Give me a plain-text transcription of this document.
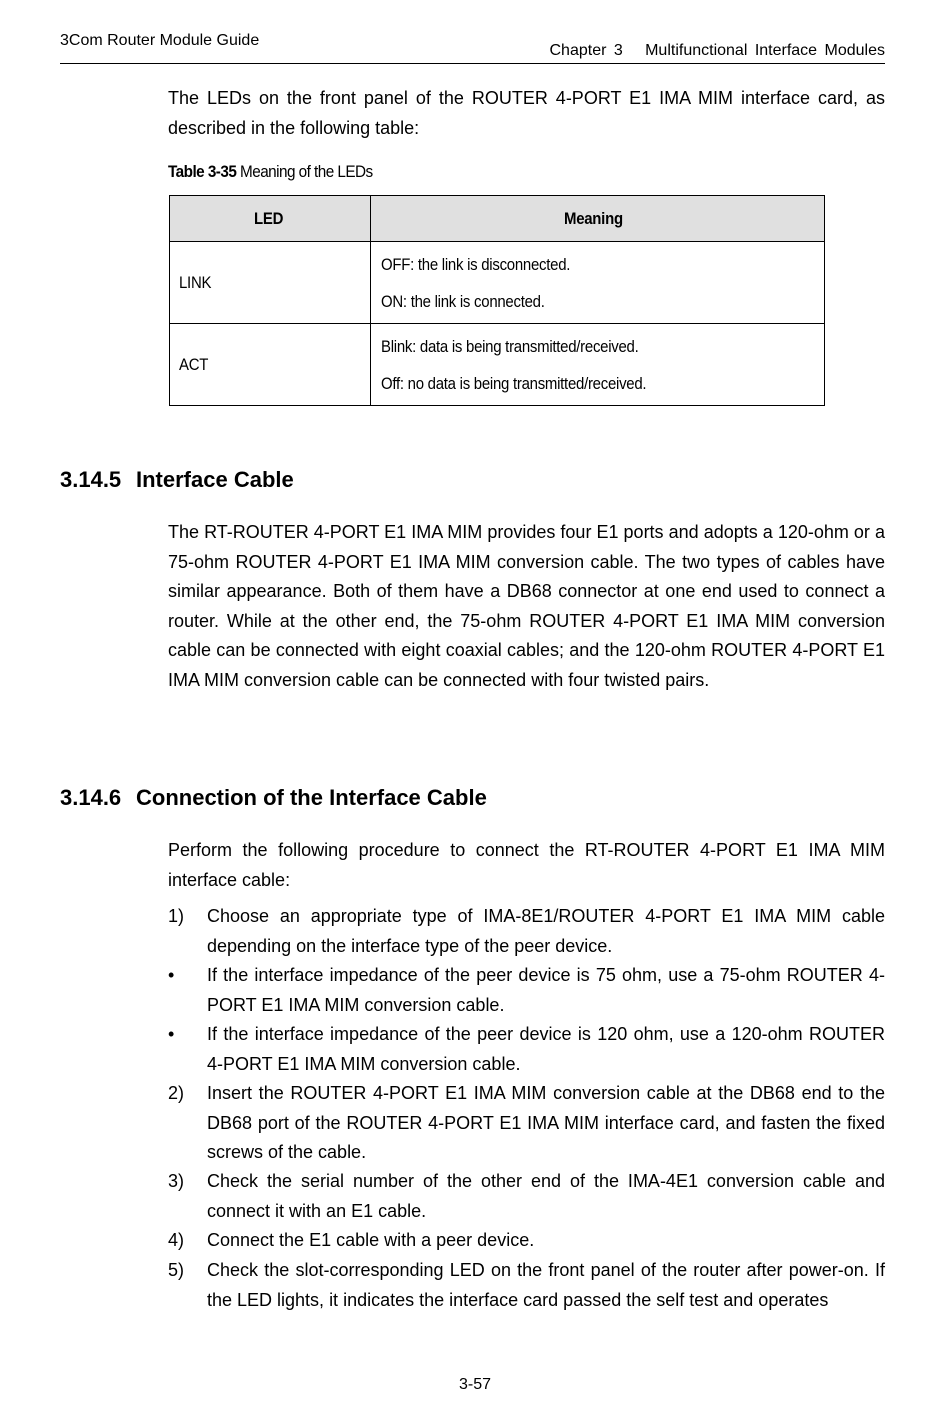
3Com Router Module Guide
Chapter 3   Multifunctional Interface Modules

The LEDs on the front panel of the ROUTER 4-PORT E1 IMA MIM interface card, as described in the following table:

Table 3-35 Meaning of the LEDs
LED	Meaning
LINK	OFF: the link is disconnected.
ON: the link is connected.

ACT	Blink: data is being transmitted/received.
Off: no data is being transmitted/received.
3.14.5 Interface Cable

The RT-ROUTER 4-PORT E1 IMA MIM provides four E1 ports and adopts a 120-ohm or a 75-ohm ROUTER 4-PORT E1 IMA MIM conversion cable. The two types of cables have similar appearance. Both of them have a DB68 connector at one end used to connect a router. While at the other end, the 75-ohm ROUTER 4-PORT E1 IMA MIM conversion cable can be connected with eight coaxial cables; and the 120-ohm ROUTER 4-PORT E1 IMA MIM conversion cable can be connected with four twisted pairs.

3.14.6 Connection of the Interface Cable

Perform the following procedure to connect the RT-ROUTER 4-PORT E1 IMA MIM interface cable:

1) Choose an appropriate type of IMA-8E1/ROUTER 4-PORT E1 IMA MIM cable depending on the interface type of the peer device.
• If the interface impedance of the peer device is 75 ohm, use a 75-ohm ROUTER 4-PORT E1 IMA MIM conversion cable.
• If the interface impedance of the peer device is 120 ohm, use a 120-ohm ROUTER 4-PORT E1 IMA MIM conversion cable.
2) Insert the ROUTER 4-PORT E1 IMA MIM conversion cable at the DB68 end to the DB68 port of the ROUTER 4-PORT E1 IMA MIM interface card, and fasten the fixed screws of the cable.
3) Check the serial number of the other end of the IMA-4E1 conversion cable and connect it with an E1 cable.
4) Connect the E1 cable with a peer device.
5) Check the slot-corresponding LED on the front panel of the router after power-on. If the LED lights, it indicates the interface card passed the self test and operates
3-57
